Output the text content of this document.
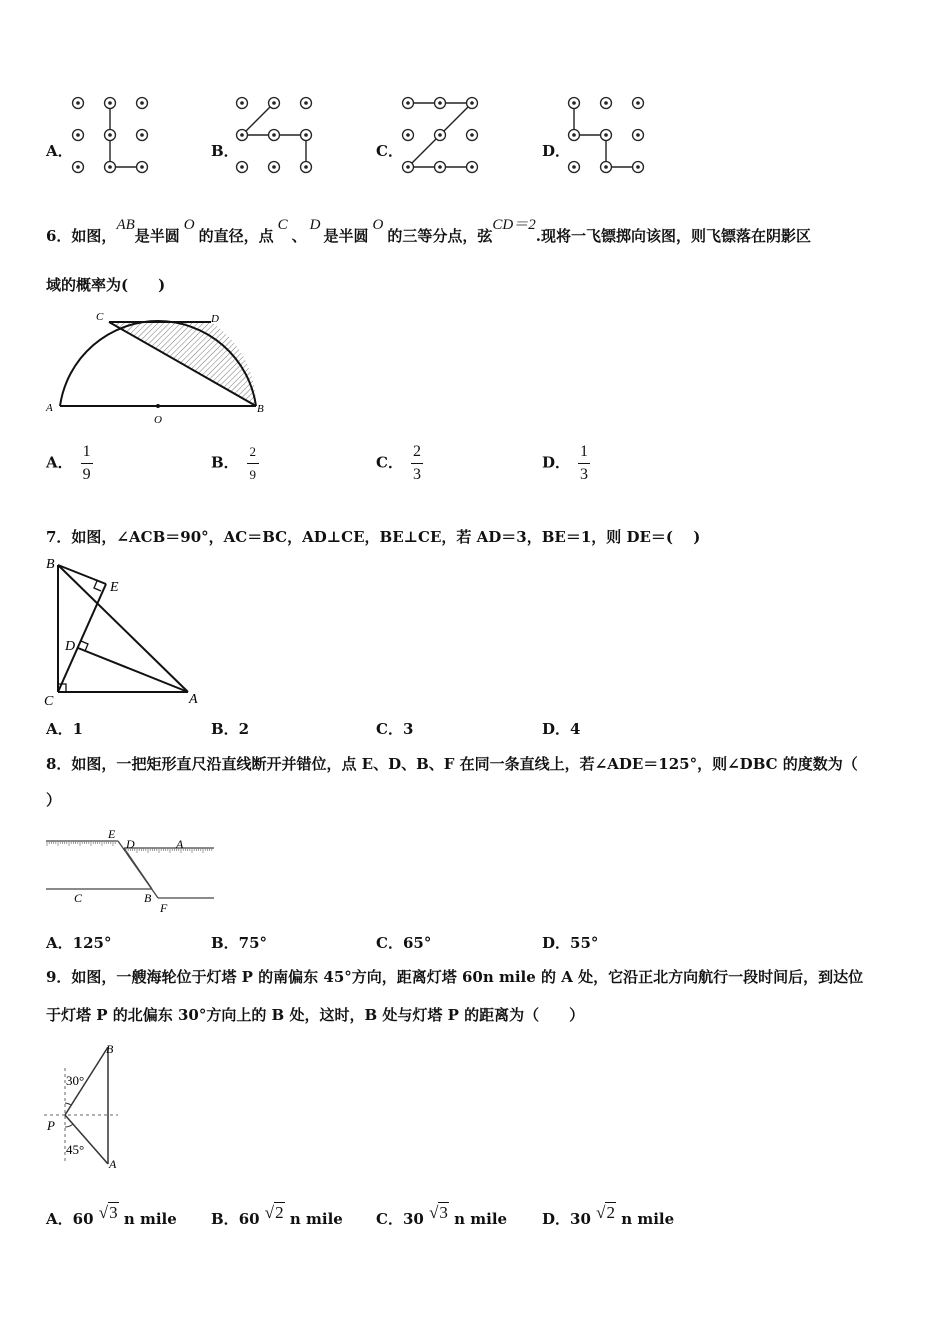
A．	B．	C．	D．
6．如图，AB是半圆O的直径，点C、D是半圆O的三等分点，弦CD＝2.现将一飞镖掷向该图，则飞镖落在阴影区
域的概率为(　　)
C	D
A	B
O
A． $\frac{1}{9}$	B． $\frac{2}{9}$	C． $\frac{2}{3}$	D． $\frac{1}{3}$
7．如图，∠ACB＝90°，AC＝BC，AD⊥CE，BE⊥CE，若 AD＝3，BE＝1，则 DE＝(　 )
B
E
D
C	A
A．1	B．2	C．3	D．4
8．如图，一把矩形直尺沿直线断开并错位，点 E、D、B、F 在同一条直线上，若∠ADE＝125°，则∠DBC 的度数为（
）
E
D	A
C	B
F
A．125°	B．75°	C．65°	D．55°
9．如图，一艘海轮位于灯塔 P 的南偏东 45°方向，距离灯塔 60n mile 的 A 处，它沿正北方向航行一段时间后，到达位
于灯塔 P 的北偏东 30°方向上的 B 处，这时，B 处与灯塔 P 的距离为（　　）
B
30°
P
45°
A
A．60 √3 n mile B．60 √2 n mile C．30 √3 n mile D．30 √2 n mile
